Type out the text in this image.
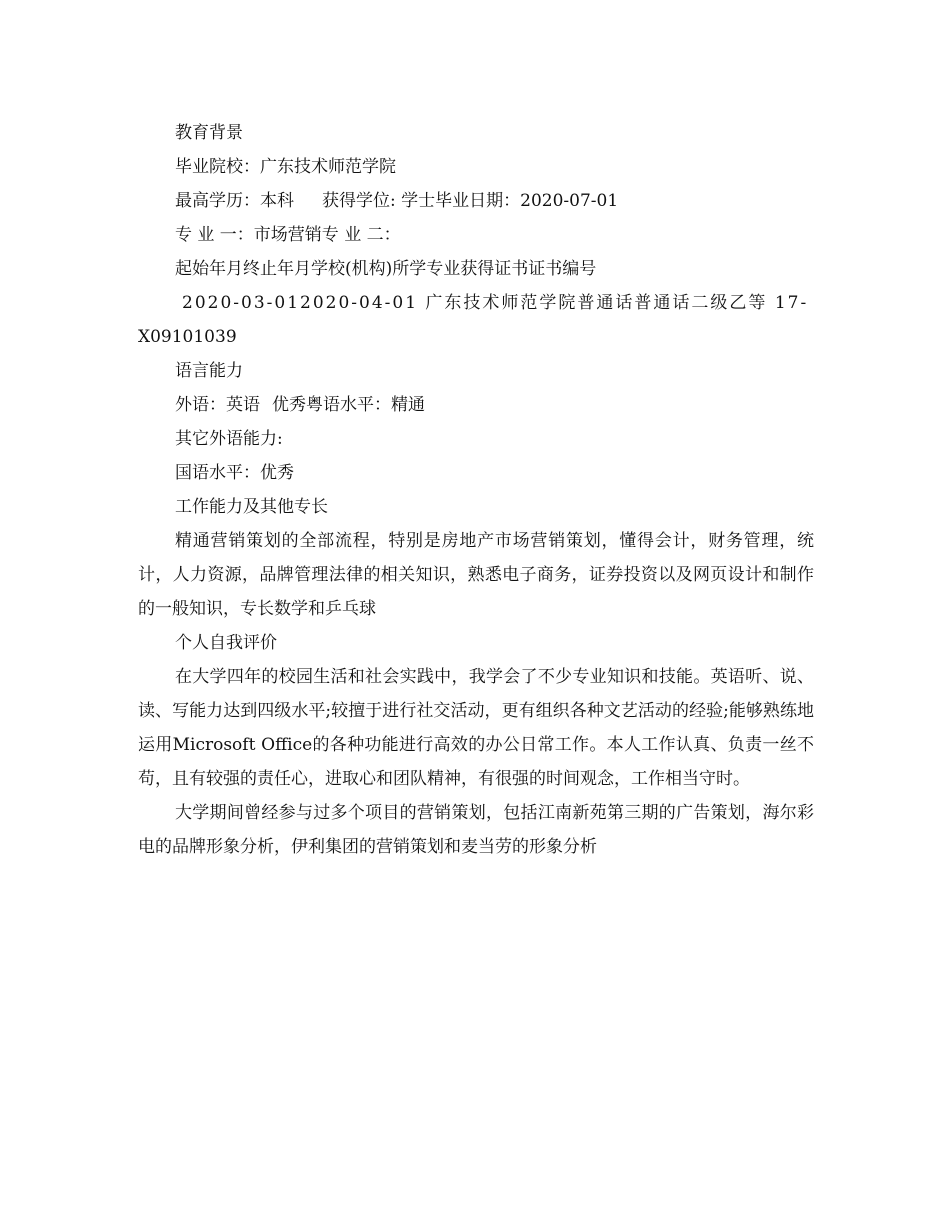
教育背景
毕业院校：广东技术师范学院
最高学历：本科 获得学位: 学士毕业日期：2020-07-01
专 业 一：市场营销专 业 二：
起始年月终止年月学校(机构)所学专业获得证书证书编号
2020-03-012020-04-01 广东技术师范学院普通话普通话二级乙等 17-
X09101039
语言能力
外语：英语 优秀粤语水平：精通
其它外语能力:
国语水平：优秀
工作能力及其他专长

精通营销策划的全部流程，特别是房地产市场营销策划，懂得会计，财务管理，统计，人力资源，品牌管理法律的相关知识，熟悉电子商务，证券投资以及网页设计和制作的一般知识，专长数学和乒乓球

个人自我评价

在大学四年的校园生活和社会实践中，我学会了不少专业知识和技能。英语听、说、读、写能力达到四级水平;较擅于进行社交活动，更有组织各种文艺活动的经验;能够熟练地运用Microsoft Office的各种功能进行高效的办公日常工作。本人工作认真、负责一丝不苟，且有较强的责任心，进取心和团队精神，有很强的时间观念，工作相当守时。

大学期间曾经参与过多个项目的营销策划，包括江南新苑第三期的广告策划，海尔彩电的品牌形象分析，伊利集团的营销策划和麦当劳的形象分析
